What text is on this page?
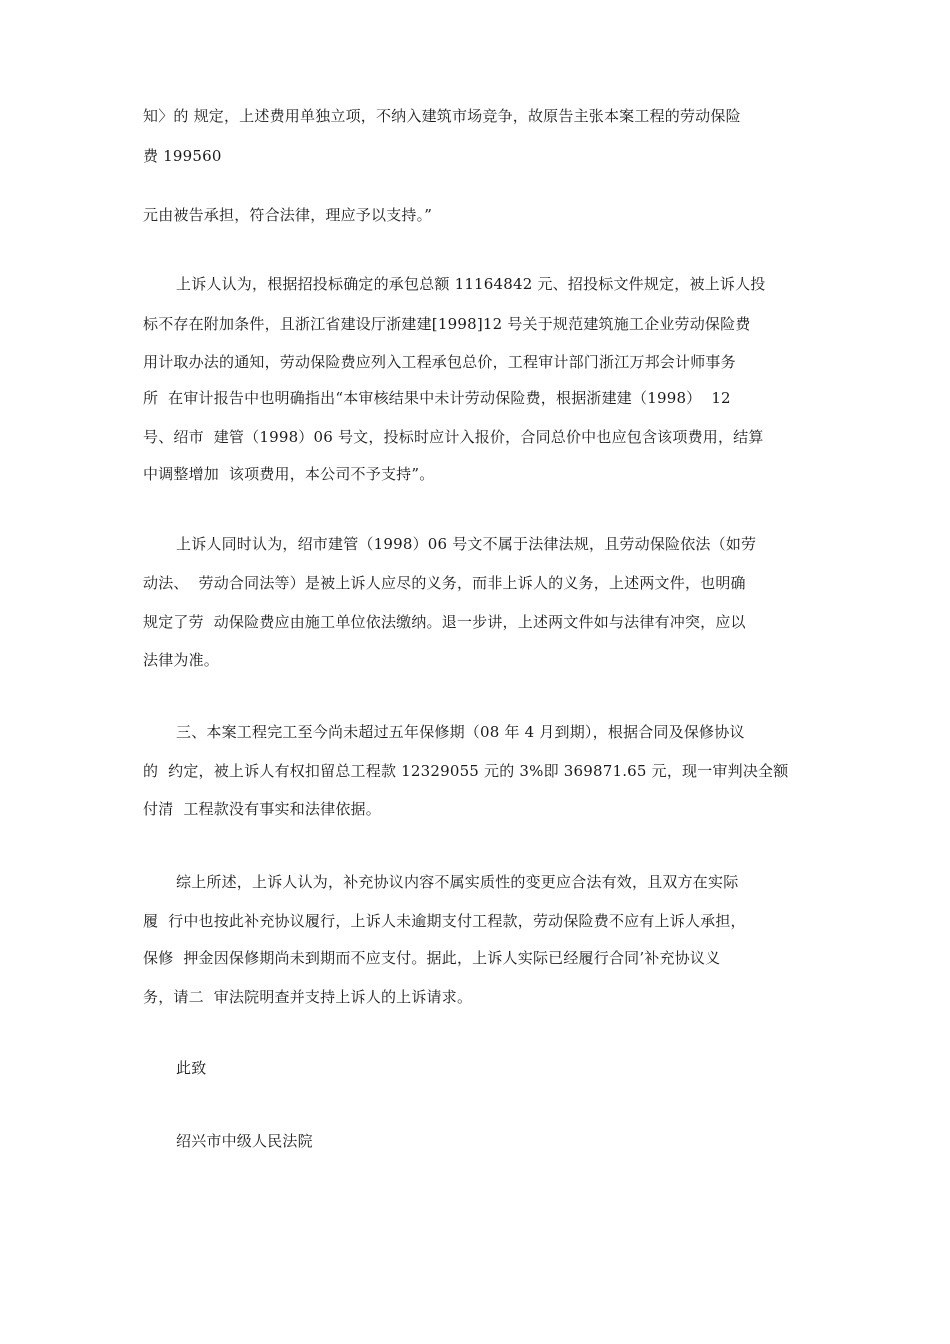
知〉的 规定，上述费用单独立项，不纳入建筑市场竞争，故原告主张本案工程的劳动保险
费 199560
元由被告承担，符合法律，理应予以支持。”
上诉人认为，根据招投标确定的承包总额 11164842 元、招投标文件规定，被上诉人投
标不存在附加条件，且浙江省建设厅浙建建[1998]12 号关于规范建筑施工企业劳动保险费
用计取办法的通知，劳动保险费应列入工程承包总价，工程审计部门浙江万邦会计师事务
所  在审计报告中也明确指出“本审核结果中未计劳动保险费，根据浙建建（1998）  12
号、绍市  建管（1998）06 号文，投标时应计入报价，合同总价中也应包含该项费用，结算
中调整增加  该项费用，本公司不予支持”。
上诉人同时认为，绍市建管（1998）06 号文不属于法律法规，且劳动保险依法（如劳
动法、  劳动合同法等）是被上诉人应尽的义务，而非上诉人的义务，上述两文件，也明确
规定了劳  动保险费应由施工单位依法缴纳。退一步讲，上述两文件如与法律有冲突，应以
法律为准。
三、本案工程完工至今尚未超过五年保修期（08 年 4 月到期），根据合同及保修协议
的  约定，被上诉人有权扣留总工程款 12329055 元的 3%即 369871.65 元，现一审判决全额
付清  工程款没有事实和法律依据。
综上所述，上诉人认为，补充协议内容不属实质性的变更应合法有效，且双方在实际
履  行中也按此补充协议履行，上诉人未逾期支付工程款，劳动保险费不应有上诉人承担，
保修  押金因保修期尚未到期而不应支付。据此，上诉人实际已经履行合同’补充协议义
务，请二  审法院明查并支持上诉人的上诉请求。
此致
绍兴市中级人民法院
